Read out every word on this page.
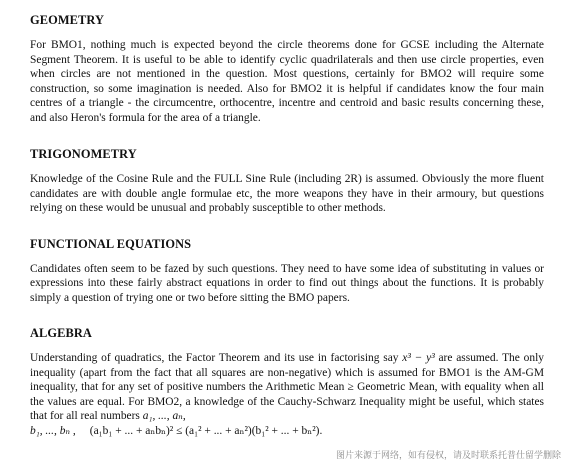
GEOMETRY

For BMO1, nothing much is expected beyond the circle theorems done for GCSE including the Alternate Segment Theorem. It is useful to be able to identify cyclic quadrilaterals and then use circle properties, even when circles are not mentioned in the question. Most questions, certainly for BMO2 will require some construction, so some imagination is needed. Also for BMO2 it is helpful if candidates know the four main centres of a triangle - the circumcentre, orthocentre, incentre and centroid and basic results concerning these, and also Heron's formula for the area of a triangle.

TRIGONOMETRY

Knowledge of the Cosine Rule and the FULL Sine Rule (including 2R) is assumed. Obviously the more fluent candidates are with double angle formulae etc, the more weapons they have in their armoury, but questions relying on these would be unusual and probably susceptible to other methods.

FUNCTIONAL EQUATIONS

Candidates often seem to be fazed by such questions. They need to have some idea of substituting in values or expressions into these fairly abstract equations in order to find out things about the functions. It is probably simply a question of trying one or two before sitting the BMO papers.

ALGEBRA

Understanding of quadratics, the Factor Theorem and its use in factorising say x³ − y³ are assumed. The only inequality (apart from the fact that all squares are non-negative) which is assumed for BMO1 is the AM-GM inequality, that for any set of positive numbers the Arithmetic Mean ≥ Geometric Mean, with equality when all the values are equal. For BMO2, a knowledge of the Cauchy-Schwarz Inequality might be useful, which states that for all real numbers a₁, ..., aₙ,

b₁, ..., bₙ , (a₁b₁ + ... + aₙbₙ)² ≤ (a₁² + ... + aₙ²)(b₁² + ... + bₙ²).

图片来源于网络，如有侵权，请及时联系托普仕留学删除
